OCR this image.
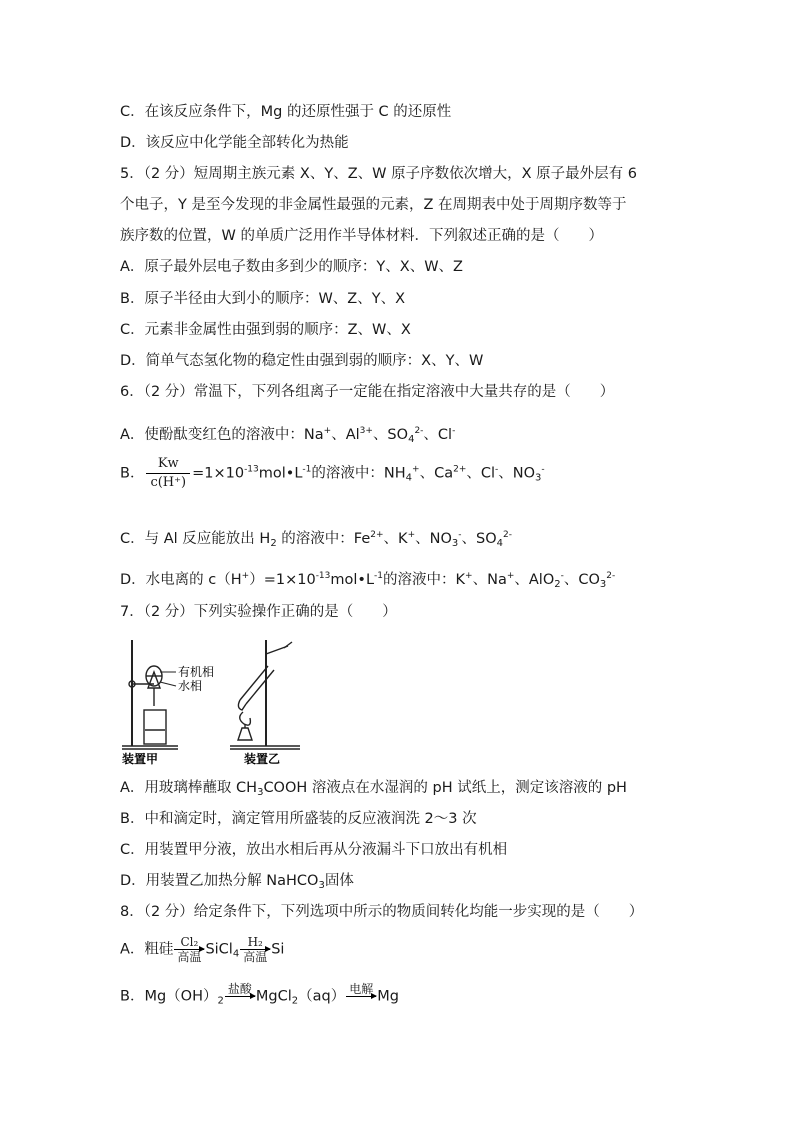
C．在该反应条件下，Mg 的还原性强于 C 的还原性
D．该反应中化学能全部转化为热能
5．（2 分）短周期主族元素 X、Y、Z、W 原子序数依次增大，X 原子最外层有 6
个电子，Y 是至今发现的非金属性最强的元素，Z 在周期表中处于周期序数等于
族序数的位置，W 的单质广泛用作半导体材料．下列叙述正确的是（　　）
A．原子最外层电子数由多到少的顺序：Y、X、W、Z
B．原子半径由大到小的顺序：W、Z、Y、X
C．元素非金属性由强到弱的顺序：Z、W、X
D．简单气态氢化物的稳定性由强到弱的顺序：X、Y、W
6．（2 分）常温下，下列各组离子一定能在指定溶液中大量共存的是（　　）
A．使酚酞变红色的溶液中：Na+、$Al^{3+}$、$SO_4^{2-}$、Cl-
B． $\frac{Kw}{c(H^+)}$ $=1\times 10^{-13}mol•L^{-1}$的溶液中：$NH_4^+$、$Ca^{2+}$、Cl-、$NO_3^-$
C．与 Al 反应能放出 $H_2$ 的溶液中：$Fe^{2+}$、K+、$NO_3^-$、$SO_4^{2-}$
D．水电离的 $c(H^+)=1\times 10^{-13}mol•L^{-1}$的溶液中：K+、Na+、AlO$_2$-、$CO_3^{2-}$
7．（2 分）下列实验操作正确的是（　　）
有机相
水相
装置甲	装置乙
A．用玻璃棒蘸取 $CH_3COOH$ 溶液点在水湿润的 pH 试纸上，测定该溶液的 pH
B．中和滴定时，滴定管用所盛装的反应液润洗 2～3 次
C．用装置甲分液，放出水相后再从分液漏斗下口放出有机相
D．用装置乙加热分解 NaHCO$_3$固体
8．（2 分）给定条件下，下列选项中所示的物质间转化均能一步实现的是（　　）
A．粗硅 Cl₂
高温 SiCl$_4$
H₂
高温 Si
B．$Mg(OH)_2$
盐酸
MgCl$_2$（aq） 电解
Mg
